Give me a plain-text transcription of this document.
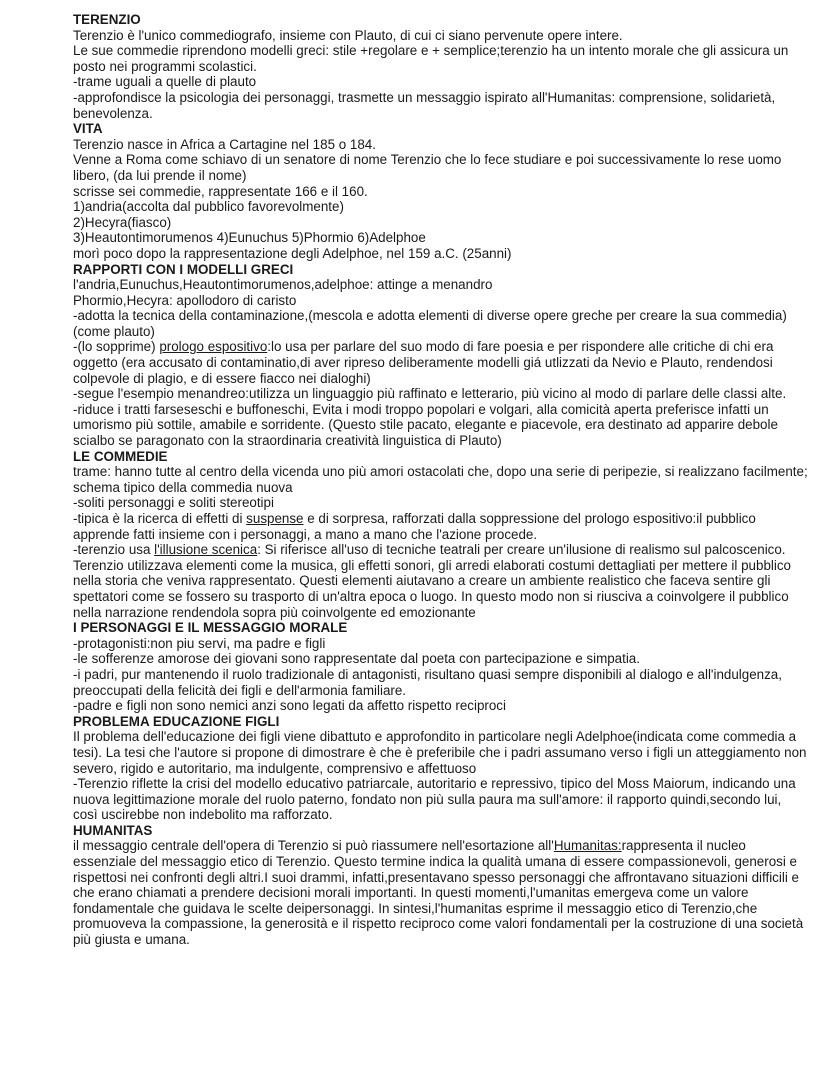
TERENZIO

Terenzio è l'unico commediografo, insieme con Plauto, di cui ci siano pervenute opere intere.

Le sue commedie riprendono modelli greci: stile +regolare e + semplice;terenzio ha un intento morale che gli assicura un posto nei programmi scolastici.

-trame uguali a quelle di plauto

-approfondisce la psicologia dei personaggi, trasmette un messaggio ispirato all'Humanitas: comprensione, solidarietà, benevolenza.

VITA

Terenzio nasce in Africa a Cartagine nel 185 o 184.

Venne a Roma come schiavo di un senatore di nome Terenzio che lo fece studiare e poi successivamente lo rese uomo libero, (da lui prende il nome)

scrisse sei commedie, rappresentate 166 e il 160.

1)andria(accolta dal pubblico favorevolmente)

2)Hecyra(fiasco)

3)Heautontimorumenos 4)Eunuchus 5)Phormio 6)Adelphoe

morì poco dopo la rappresentazione degli Adelphoe, nel 159 a.C. (25anni)

RAPPORTI CON I MODELLI GRECI

l'andria,Eunuchus,Heautontimorumenos,adelphoe: attinge a menandro

Phormio,Hecyra: apollodoro di caristo

-adotta la tecnica della contaminazione,(mescola e adotta elementi di diverse opere greche per creare la sua commedia) (come plauto)

-(lo sopprime) prologo espositivo:lo usa per parlare del suo modo di fare poesia e per rispondere alle critiche di chi era oggetto (era accusato di contaminatio,di aver ripreso deliberamente modelli giá utlizzati da Nevio e Plauto, rendendosi colpevole di plagio, e di essere fiacco nei dialoghi)

-segue l'esempio menandreo:utilizza un linguaggio più raffinato e letterario, più vicino al modo di parlare delle classi alte.

-riduce i tratti farseseschi e buffoneschi, Evita i modi troppo popolari e volgari, alla comicità aperta preferisce infatti un umorismo più sottile, amabile e sorridente. (Questo stile pacato, elegante e piacevole, era destinato ad apparire debole scialbo se paragonato con la straordinaria creatività linguistica di Plauto)

LE COMMEDIE

trame: hanno tutte al centro della vicenda uno più amori ostacolati che, dopo una serie di peripezie, si realizzano facilmente; schema tipico della commedia nuova

-soliti personaggi e soliti stereotipi

-tipica è la ricerca di effetti di suspense e di sorpresa, rafforzati dalla soppressione del prologo espositivo:il pubblico apprende fatti insieme con i personaggi, a mano a mano che l'azione procede.

-terenzio usa l'illusione scenica: Si riferisce all'uso di tecniche teatrali per creare un'ilusione di realismo sul palcoscenico. Terenzio utilizzava elementi come la musica, gli effetti sonori, gli arredi elaborati costumi dettagliati per mettere il pubblico nella storia che veniva rappresentato. Questi elementi aiutavano a creare un ambiente realistico che faceva sentire gli spettatori come se fossero su trasporto di un'altra epoca o luogo. In questo modo non si riusciva a coinvolgere il pubblico nella narrazione rendendola sopra più coinvolgente ed emozionante

I PERSONAGGI E IL MESSAGGIO MORALE

-protagonisti:non piu servi, ma padre e figli

-le sofferenze amorose dei giovani sono rappresentate dal poeta con partecipazione e simpatia.

-i padri, pur mantenendo il ruolo tradizionale di antagonisti, risultano quasi sempre disponibili al dialogo e all'indulgenza, preoccupati della felicità dei figli e dell'armonia familiare.

-padre e figli non sono nemici anzi sono legati da affetto rispetto reciproci

PROBLEMA EDUCAZIONE FIGLI

Il problema dell'educazione dei figli viene dibattuto e approfondito in particolare negli Adelphoe(indicata come commedia a tesi). La tesi che l'autore si propone di dimostrare è che è preferibile che i padri assumano verso i figli un atteggiamento non severo, rigido e autoritario, ma indulgente, comprensivo e affettuoso

-Terenzio riflette la crisi del modello educativo patriarcale, autoritario e repressivo, tipico del Moss Maiorum, indicando una nuova legittimazione morale del ruolo paterno, fondato non più sulla paura ma sull'amore: il rapporto quindi,secondo lui, così uscirebbe non indebolito ma rafforzato.

HUMANITAS

il messaggio centrale dell'opera di Terenzio si può riassumere nell'esortazione all'Humanitas:rappresenta il nucleo essenziale del messaggio etico di Terenzio. Questo termine indica la qualità umana di essere compassionevoli, generosi e rispettosi nei confronti degli altri.I suoi drammi, infatti,presentavano spesso personaggi che affrontavano situazioni difficili e che erano chiamati a prendere decisioni morali importanti. In questi momenti,l'umanitas emergeva come un valore fondamentale che guidava le scelte deipersonaggi. In sintesi,l'humanitas esprime il messaggio etico di Terenzio,che promuoveva la compassione, la generosità e il rispetto reciproco come valori fondamentali per la costruzione di una società più giusta e umana.
